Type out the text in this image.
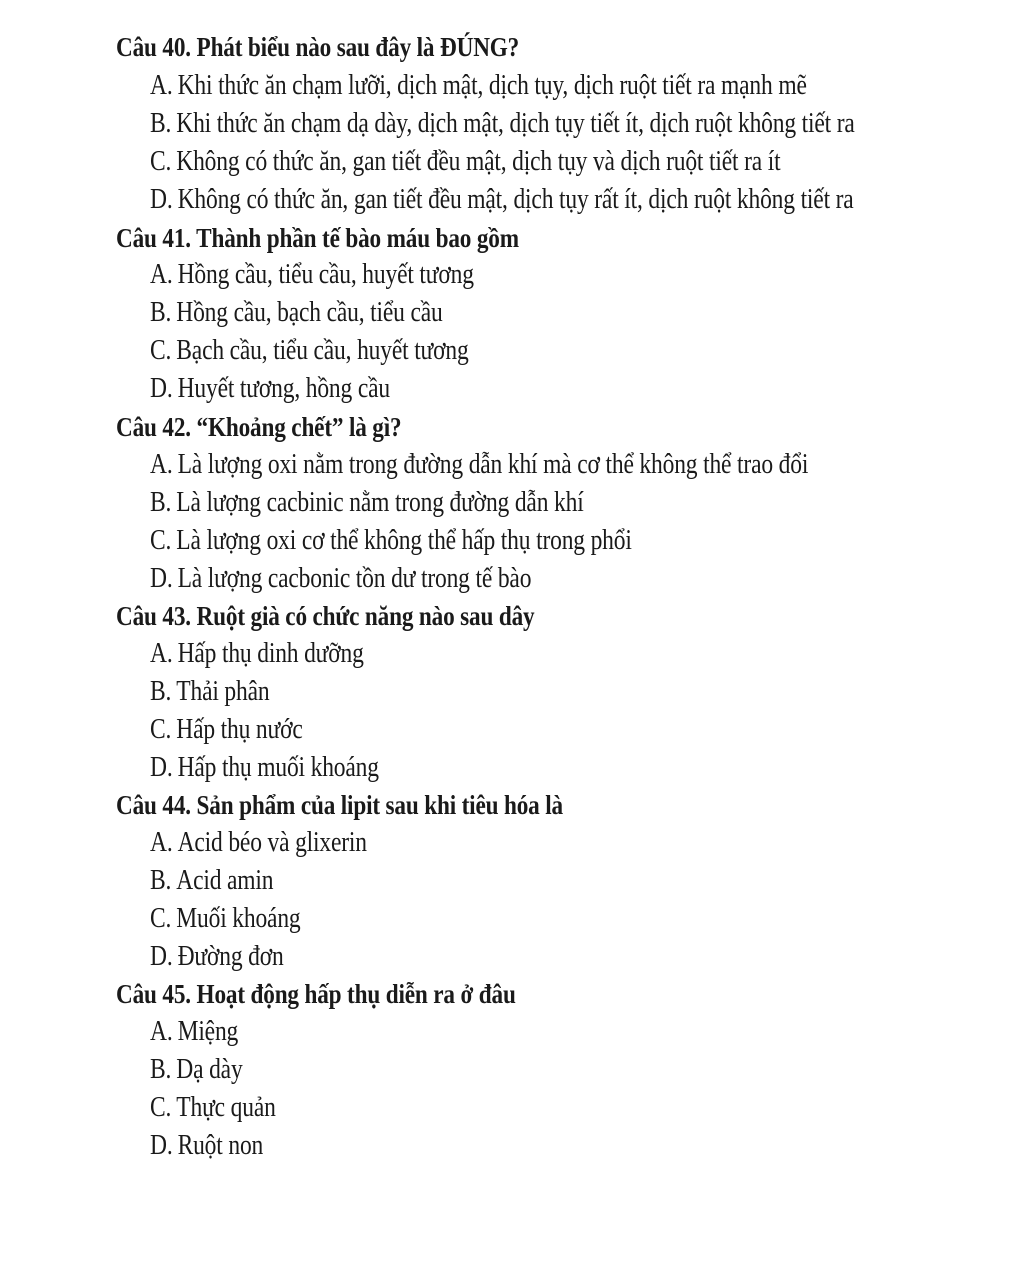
Câu 40. Phát biểu nào sau đây là ĐÚNG?
A. Khi thức ăn chạm lưỡi, dịch mật, dịch tụy, dịch ruột tiết ra mạnh mẽ
B. Khi thức ăn chạm dạ dày, dịch mật, dịch tụy tiết ít, dịch ruột không tiết ra
C. Không có thức ăn, gan tiết đều mật, dịch tụy và dịch ruột tiết ra ít
D. Không có thức ăn, gan tiết đều mật, dịch tụy rất ít, dịch ruột không tiết ra
Câu 41. Thành phần tế bào máu bao gồm
A. Hồng cầu, tiểu cầu, huyết tương
B. Hồng cầu, bạch cầu, tiểu cầu
C. Bạch cầu, tiểu cầu, huyết tương
D. Huyết tương, hồng cầu
Câu 42. “Khoảng chết” là gì?
A. Là lượng oxi nằm trong đường dẫn khí mà cơ thể không thể trao đổi
B. Là lượng cacbinic nằm trong đường dẫn khí
C. Là lượng oxi cơ thể không thể hấp thụ trong phổi
D. Là lượng cacbonic tồn dư trong tế bào
Câu 43. Ruột già có chức năng nào sau dây
A. Hấp thụ dinh dưỡng
B. Thải phân
C. Hấp thụ nước
D. Hấp thụ muối khoáng
Câu 44. Sản phẩm của lipit sau khi tiêu hóa là
A. Acid béo và glixerin
B. Acid amin
C. Muối khoáng
D. Đường đơn
Câu 45. Hoạt động hấp thụ diễn ra ở đâu
A. Miệng
B. Dạ dày
C. Thực quản
D. Ruột non
